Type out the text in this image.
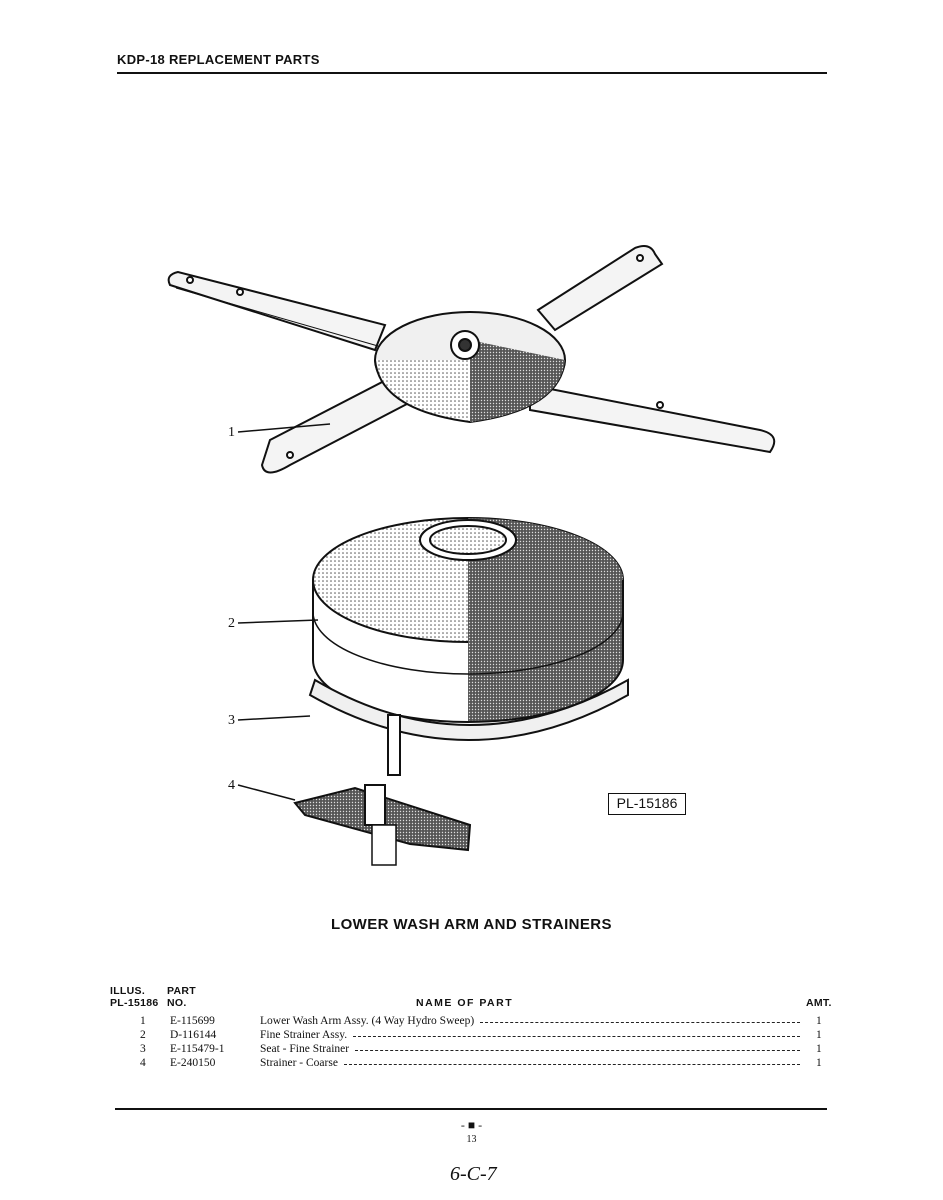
KDP-18 REPLACEMENT PARTS
1
2
3
4
PL-15186
LOWER WASH ARM AND STRAINERS
ILLUS.
PL-15186
PART
NO.	NAME OF PART	AMT.
1 E-115699	Lower Wash Arm Assy. (4 Way Hydro Sweep)	1
2 D-116144	Fine Strainer Assy.	1
3 E-115479-1	Seat - Fine Strainer	1
4 E-240150	Strainer - Coarse	1
- ■ -
13
6-C-7
